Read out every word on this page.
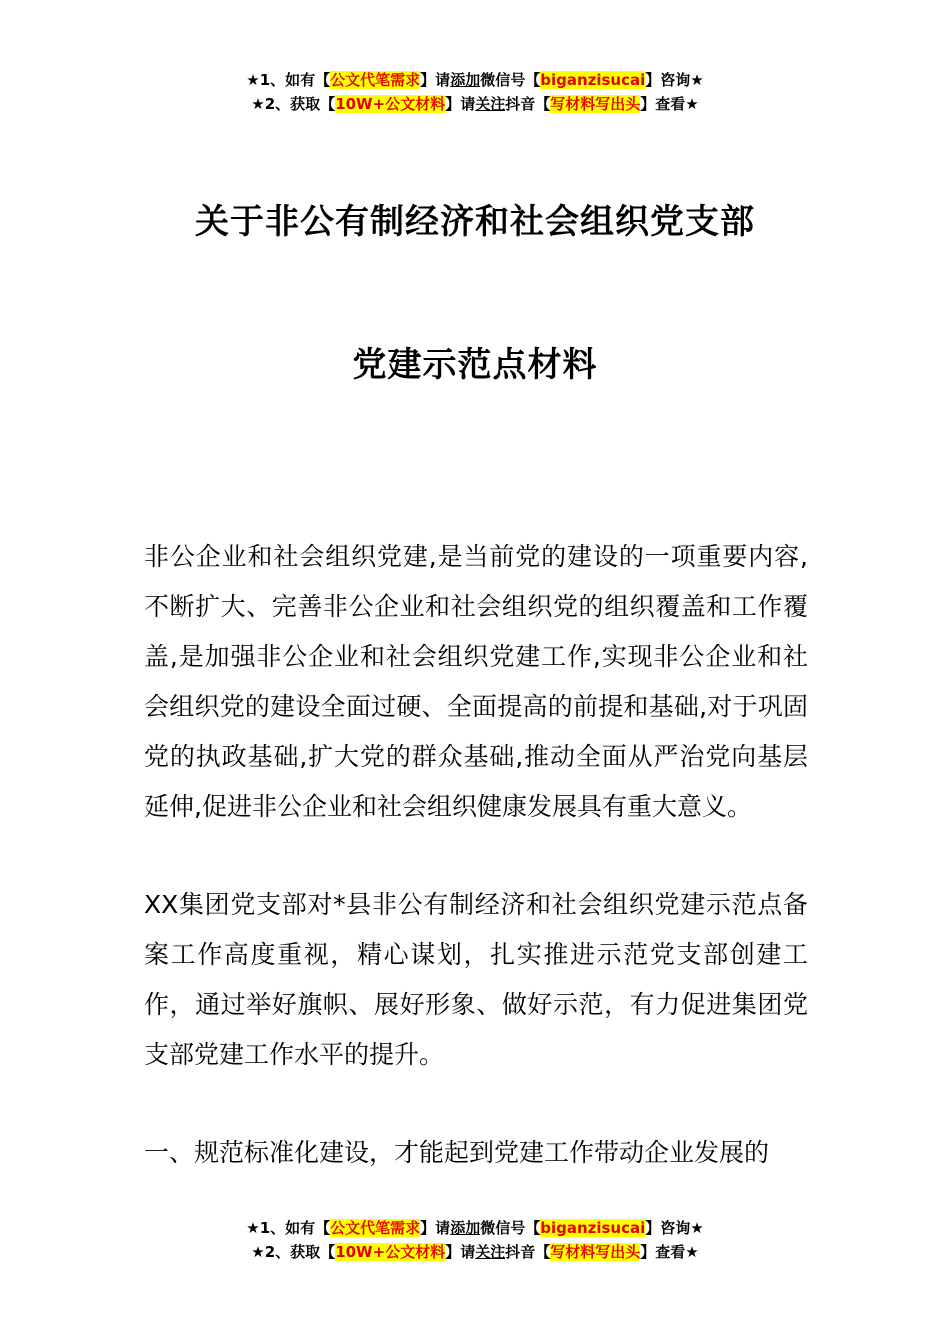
★1、如有【公文代笔需求】请添加微信号【biganzisucai】咨询★
★2、获取【10W+公文材料】请关注抖音【写材料写出头】查看★
关于非公有制经济和社会组织党支部
党建示范点材料

非公企业和社会组织党建,是当前党的建设的一项重要内容,不断扩大、完善非公企业和社会组织党的组织覆盖和工作覆盖,是加强非公企业和社会组织党建工作,实现非公企业和社会组织党的建设全面过硬、全面提高的前提和基础,对于巩固党的执政基础,扩大党的群众基础,推动全面从严治党向基层延伸,促进非公企业和社会组织健康发展具有重大意义。

XX集团党支部对*县非公有制经济和社会组织党建示范点备案工作高度重视，精心谋划，扎实推进示范党支部创建工作，通过举好旗帜、展好形象、做好示范，有力促进集团党支部党建工作水平的提升。

一、规范标准化建设，才能起到党建工作带动企业发展的

★1、如有【公文代笔需求】请添加微信号【biganzisucai】咨询★
★2、获取【10W+公文材料】请关注抖音【写材料写出头】查看★
